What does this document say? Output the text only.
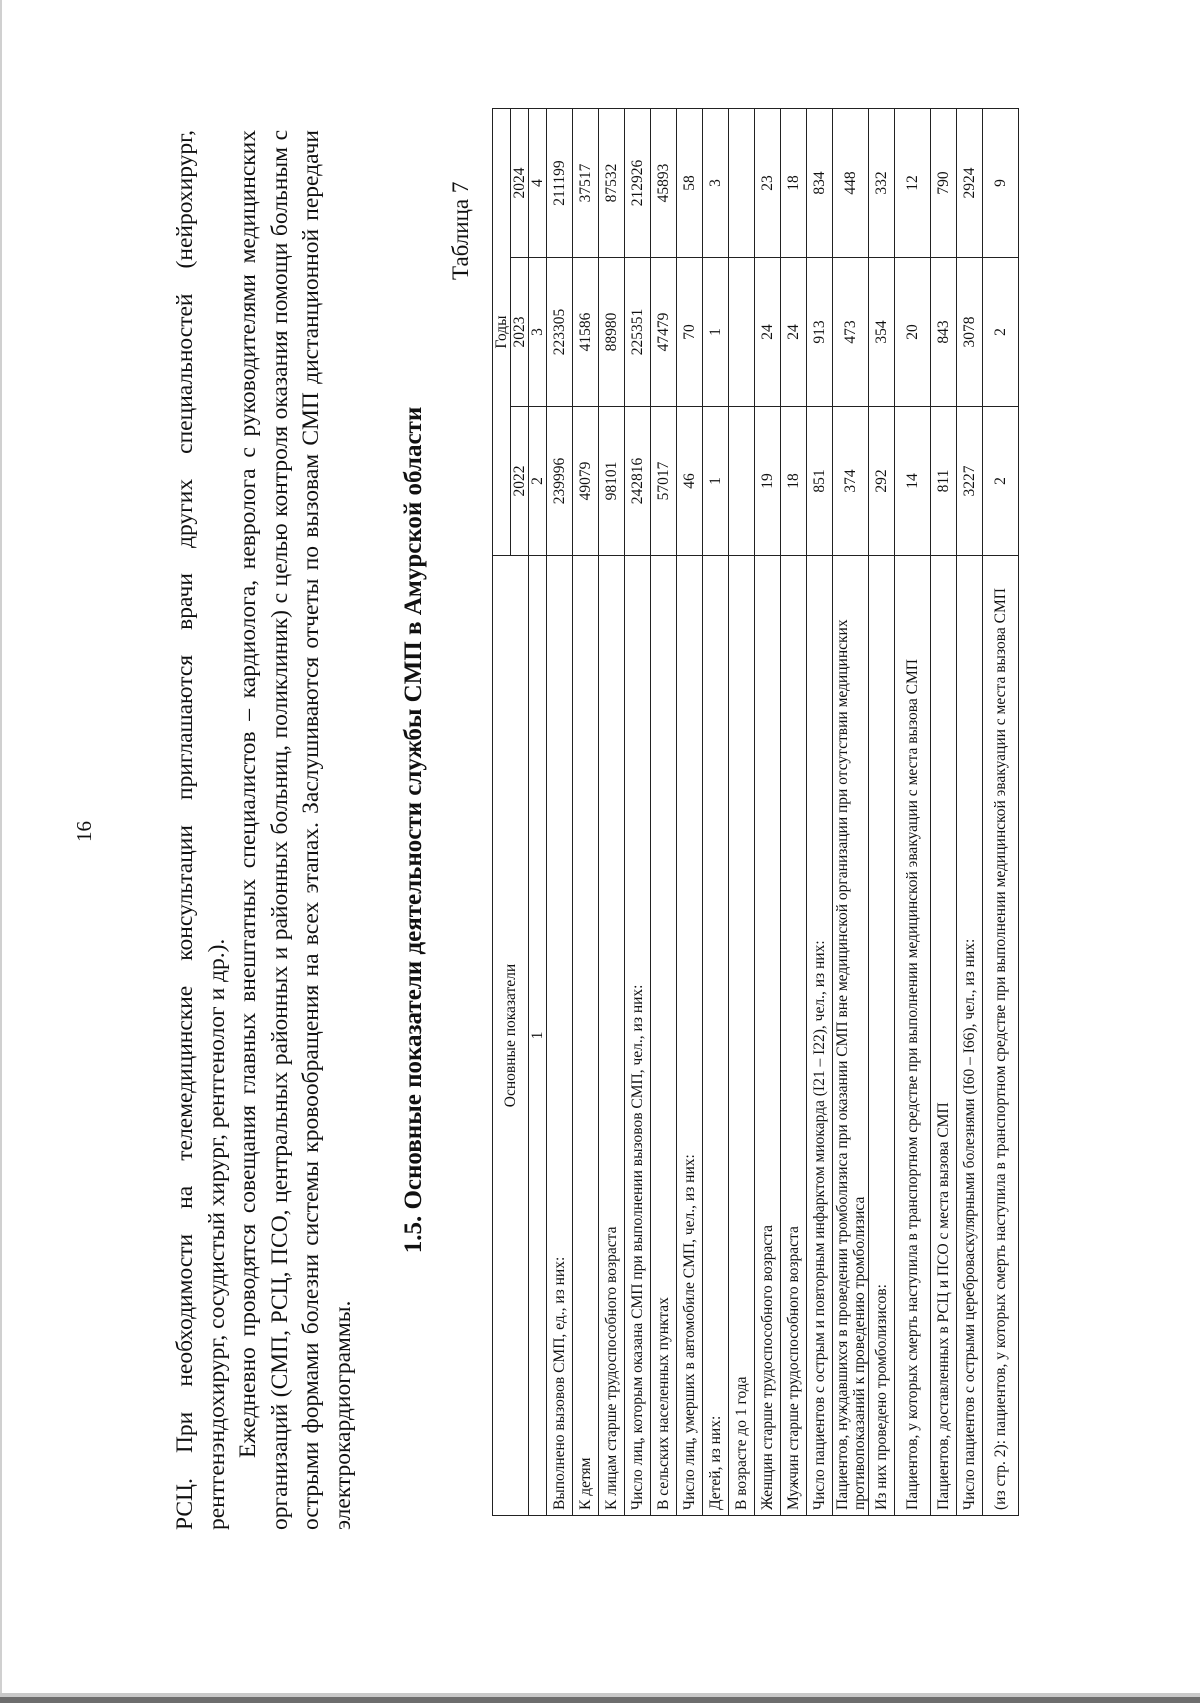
16	РСЦ. При необходимости на телемедицинские консультации приглашаются врачи других специальностей (нейрохирург, рентгенэндохирург, сосудистый хирург, рентгенолог и др.). Ежедневно проводятся совещания главных внештатных специалистов – кардиолога, невролога с руководителями медицинских организаций (СМП, РСЦ, ПСО, центральных районных и районных больниц, поликлиник) с целью контроля оказания помощи больным с острыми формами болезни системы кровообращения на всех этапах. Заслушиваются отчеты по вызовам СМП дистанционной передачи электрокардиограммы.

1.5. Основные показатели деятельности службы СМП в Амурской области
Таблица 7
Основные показатели	Годы		
	2022	2023	2024
1	2	3	4
Выполнено вызовов СМП, ед., из них:	239996	223305	211199
К детям	49079	41586	37517
К лицам старше трудоспособного возраста	98101	88980	87532
Число лиц, которым оказана СМП при выполнении вызовов СМП, чел., из них:	242816	225351	212926
В сельских населенных пунктах	57017	47479	45893
Число лиц, умерших в автомобиле СМП, чел., из них:	46	70	58
Детей, из них:	1	1	3
В возрасте до 1 года			
Женщин старше трудоспособного возраста	19	24	23
Мужчин старше трудоспособного возраста	18	24	18
Число пациентов с острым и повторным инфарктом миокарда (I21 – I22), чел., из них:	851	913	834
Пациентов, нуждавшихся в проведении тромболизиса при оказании СМП вне медицинской организации при отсутствии медицинских противопоказаний к проведению тромболизиса	374	473	448
Из них проведено тромболизисов:	292	354	332
Пациентов, у которых смерть наступила в транспортном средстве при выполнении медицинской эвакуации с места вызова СМП	14	20	12
Пациентов, доставленных в РСЦ и ПСО с места вызова СМП	811	843	790
Число пациентов с острыми цереброваскулярными болезнями (I60 – I66), чел., из них:	3227	3078	2924
(из стр. 2): пациентов, у которых смерть наступила в транспортном средстве при выполнении медицинской эвакуации с места вызова СМП	2	2	9
